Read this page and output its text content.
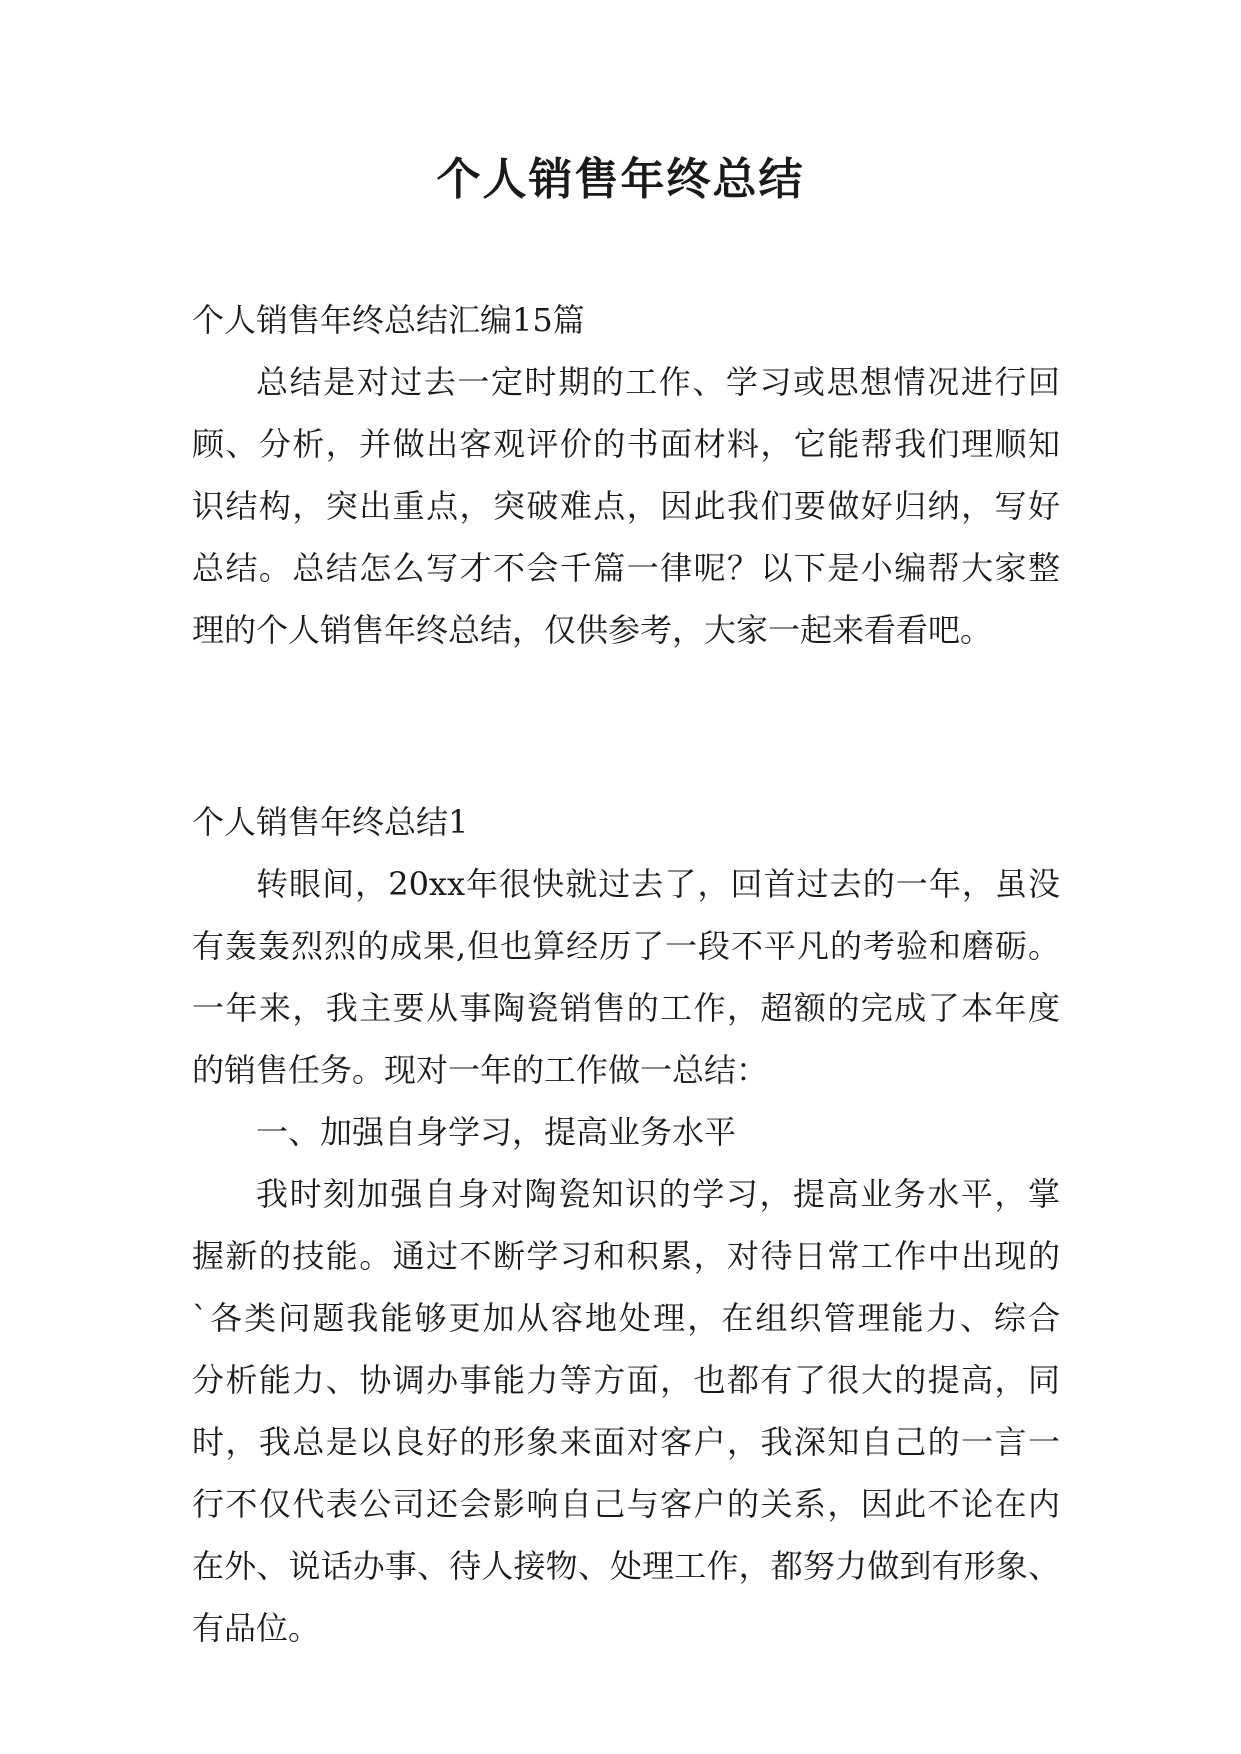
个人销售年终总结
个人销售年终总结汇编15篇
总结是对过去一定时期的工作、学习或思想情况进行回
顾、分析，并做出客观评价的书面材料，它能帮我们理顺知
识结构，突出重点，突破难点，因此我们要做好归纳，写好
总结。总结怎么写才不会千篇一律呢？以下是小编帮大家整
理的个人销售年终总结，仅供参考，大家一起来看看吧。
个人销售年终总结1
转眼间，20xx年很快就过去了，回首过去的一年，虽没
有轰轰烈烈的成果,但也算经历了一段不平凡的考验和磨砺。
一年来，我主要从事陶瓷销售的工作，超额的完成了本年度
的销售任务。现对一年的工作做一总结：
一、加强自身学习，提高业务水平
我时刻加强自身对陶瓷知识的学习，提高业务水平，掌
握新的技能。通过不断学习和积累，对待日常工作中出现的
`各类问题我能够更加从容地处理，在组织管理能力、综合
分析能力、协调办事能力等方面，也都有了很大的提高，同
时，我总是以良好的形象来面对客户，我深知自己的一言一
行不仅代表公司还会影响自己与客户的关系，因此不论在内
在外、说话办事、待人接物、处理工作，都努力做到有形象、
有品位。
